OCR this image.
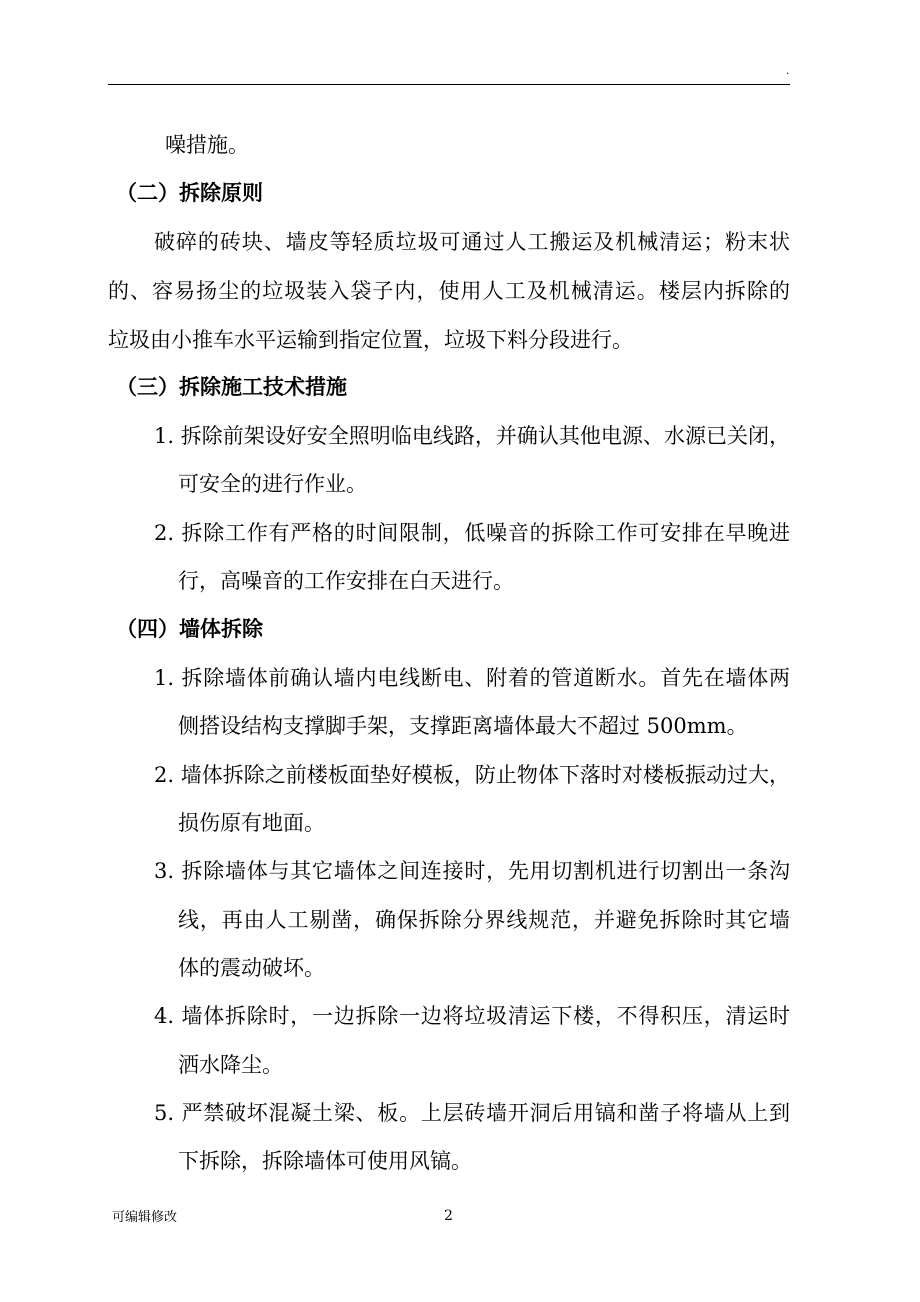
.
噪措施。
（二）拆除原则
破碎的砖块、墙皮等轻质垃圾可通过人工搬运及机械清运；粉末状
的、容易扬尘的垃圾装入袋子内，使用人工及机械清运。楼层内拆除的
垃圾由小推车水平运输到指定位置，垃圾下料分段进行。
（三）拆除施工技术措施
1. 拆除前架设好安全照明临电线路，并确认其他电源、水源已关闭，
可安全的进行作业。
2. 拆除工作有严格的时间限制，低噪音的拆除工作可安排在早晚进
行，高噪音的工作安排在白天进行。
（四）墙体拆除
1. 拆除墙体前确认墙内电线断电、附着的管道断水。首先在墙体两
侧搭设结构支撑脚手架，支撑距离墙体最大不超过 500mm。
2. 墙体拆除之前楼板面垫好模板，防止物体下落时对楼板振动过大，
损伤原有地面。
3. 拆除墙体与其它墙体之间连接时，先用切割机进行切割出一条沟
线，再由人工剔凿，确保拆除分界线规范，并避免拆除时其它墙
体的震动破坏。
4. 墙体拆除时，一边拆除一边将垃圾清运下楼，不得积压，清运时
洒水降尘。
5. 严禁破坏混凝土梁、板。上层砖墙开洞后用镐和凿子将墙从上到
下拆除，拆除墙体可使用风镐。
可编辑修改	2
